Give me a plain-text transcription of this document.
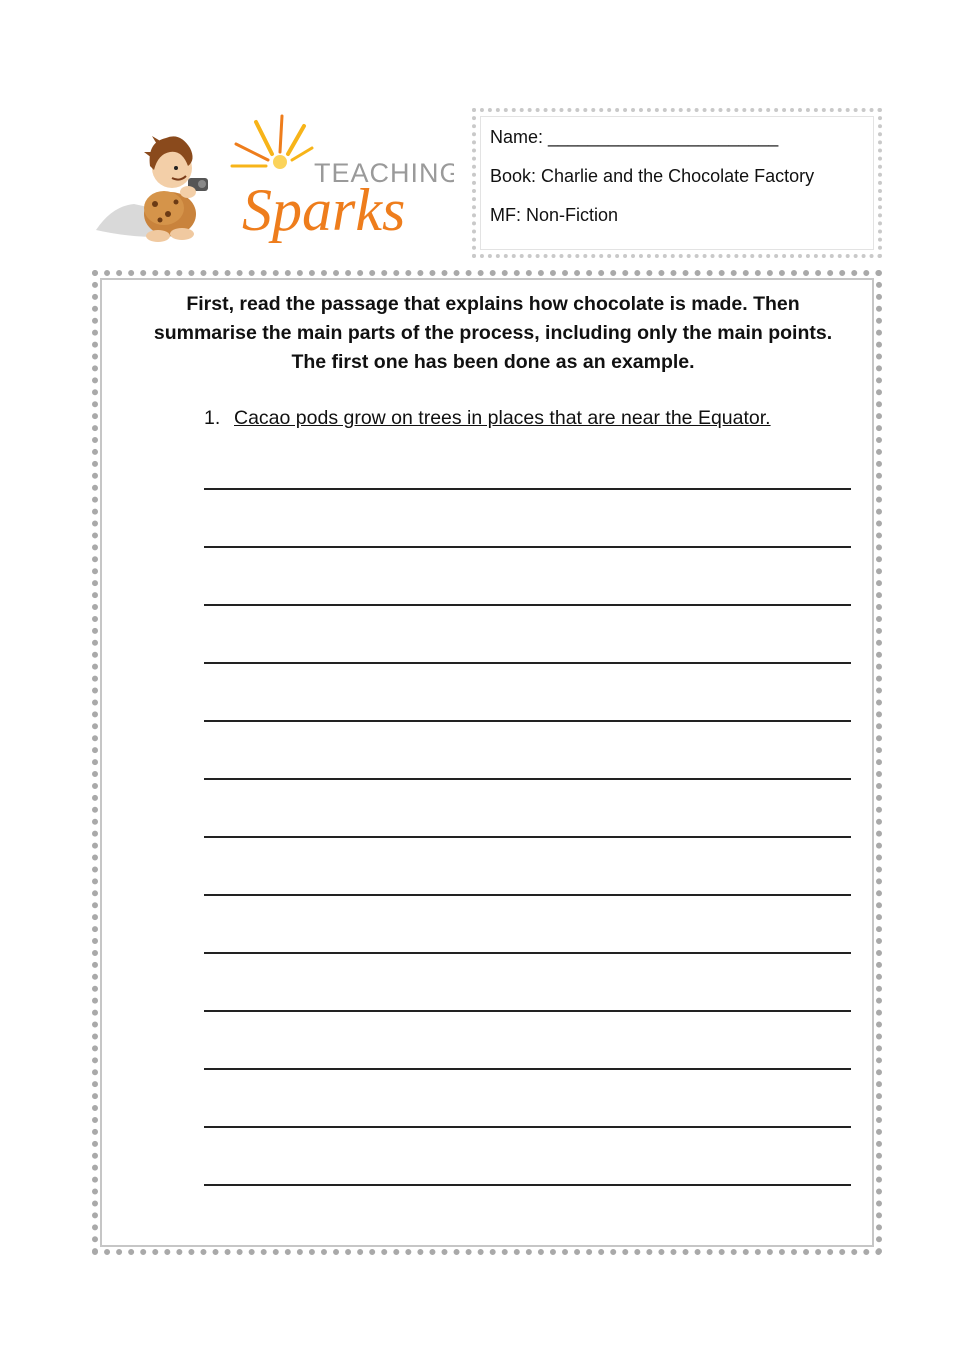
TEACHING
Sparks
Name: _______________________
Book: Charlie and the Chocolate Factory
MF: Non-Fiction
First, read the passage that explains how chocolate is made. Then summarise the main parts of the process, including only the main points. The first one has been done as an example.
1. Cacao pods grow on trees in places that are near the Equator.
